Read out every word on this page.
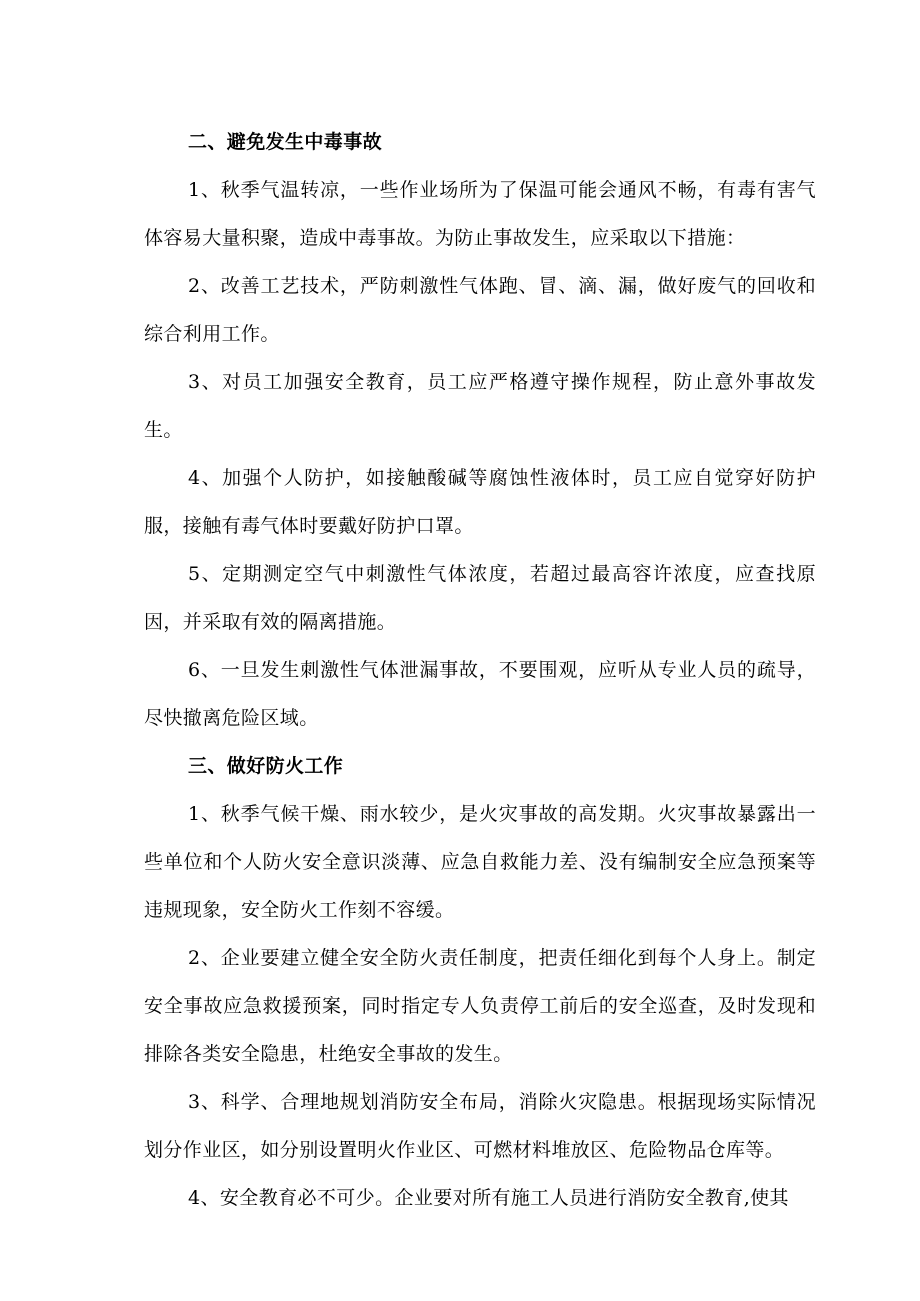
二、避免发生中毒事故

1、秋季气温转凉，一些作业场所为了保温可能会通风不畅，有毒有害气体容易大量积聚，造成中毒事故。为防止事故发生，应采取以下措施：

2、改善工艺技术，严防刺激性气体跑、冒、滴、漏，做好废气的回收和综合利用工作。

3、对员工加强安全教育，员工应严格遵守操作规程，防止意外事故发生。

4、加强个人防护，如接触酸碱等腐蚀性液体时，员工应自觉穿好防护服，接触有毒气体时要戴好防护口罩。

5、定期测定空气中刺激性气体浓度，若超过最高容许浓度，应查找原因，并采取有效的隔离措施。

6、一旦发生刺激性气体泄漏事故，不要围观，应听从专业人员的疏导，尽快撤离危险区域。

三、做好防火工作

1、秋季气候干燥、雨水较少，是火灾事故的高发期。火灾事故暴露出一些单位和个人防火安全意识淡薄、应急自救能力差、没有编制安全应急预案等违规现象，安全防火工作刻不容缓。

2、企业要建立健全安全防火责任制度，把责任细化到每个人身上。制定安全事故应急救援预案，同时指定专人负责停工前后的安全巡查，及时发现和排除各类安全隐患，杜绝安全事故的发生。

3、科学、合理地规划消防安全布局，消除火灾隐患。根据现场实际情况划分作业区，如分别设置明火作业区、可燃材料堆放区、危险物品仓库等。

4、安全教育必不可少。企业要对所有施工人员进行消防安全教育,使其
